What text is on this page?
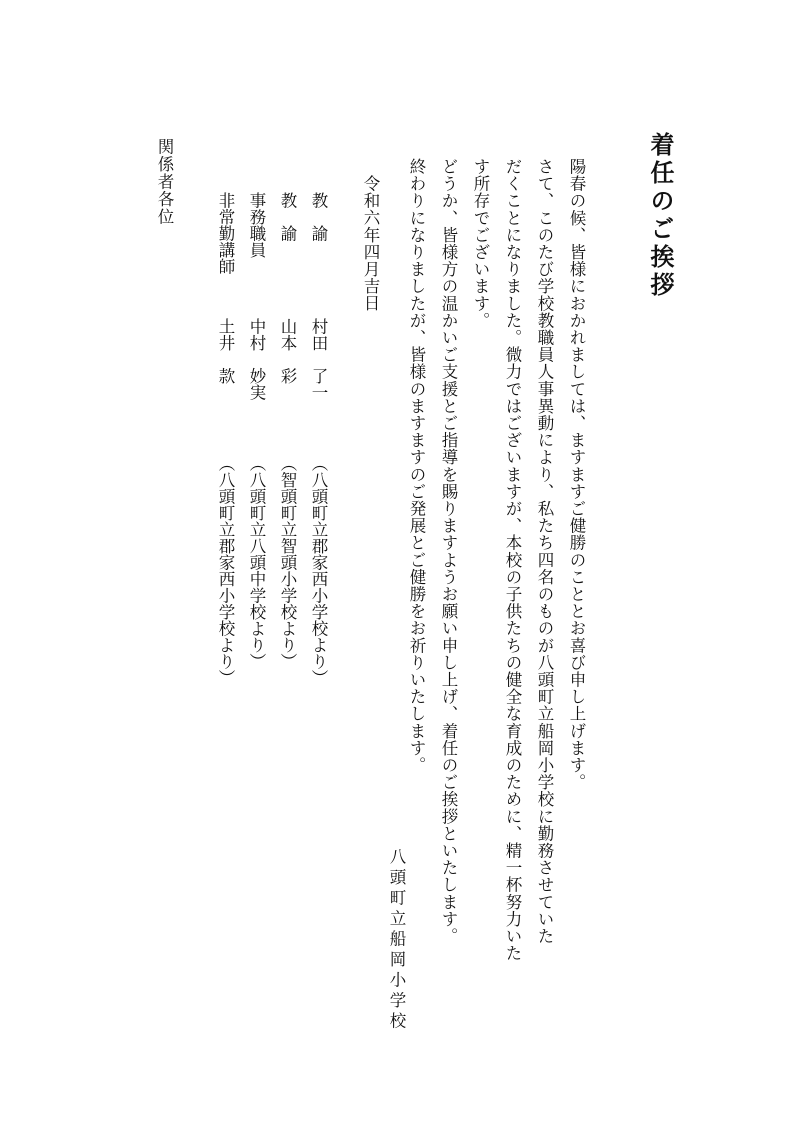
着任のご挨拶
陽春の候、皆様におかれましては、ますますご健勝のこととお喜び申し上げます。
さて、このたび学校教職員人事異動により、私たち四名のものが八頭町立船岡小学校に勤務させていた
だくことになりました。微力ではございますが、本校の子供たちの健全な育成のために、精一杯努力いた
す所存でございます。
どうか、皆様方の温かいご支援とご指導を賜りますようお願い申し上げ、着任のご挨拶といたします。
終わりになりましたが、皆様のますますのご発展とご健勝をお祈りいたします。
八頭町立船岡小学校
令和六年四月吉日
教　諭
村田　了一
（八頭町立郡家西小学校より）
教　諭
山本　彩
（智頭町立智頭小学校より）
事務職員
中村　妙実
（八頭町立八頭中学校より）
非常勤講師
土井　款
（八頭町立郡家西小学校より）
関係者各位
